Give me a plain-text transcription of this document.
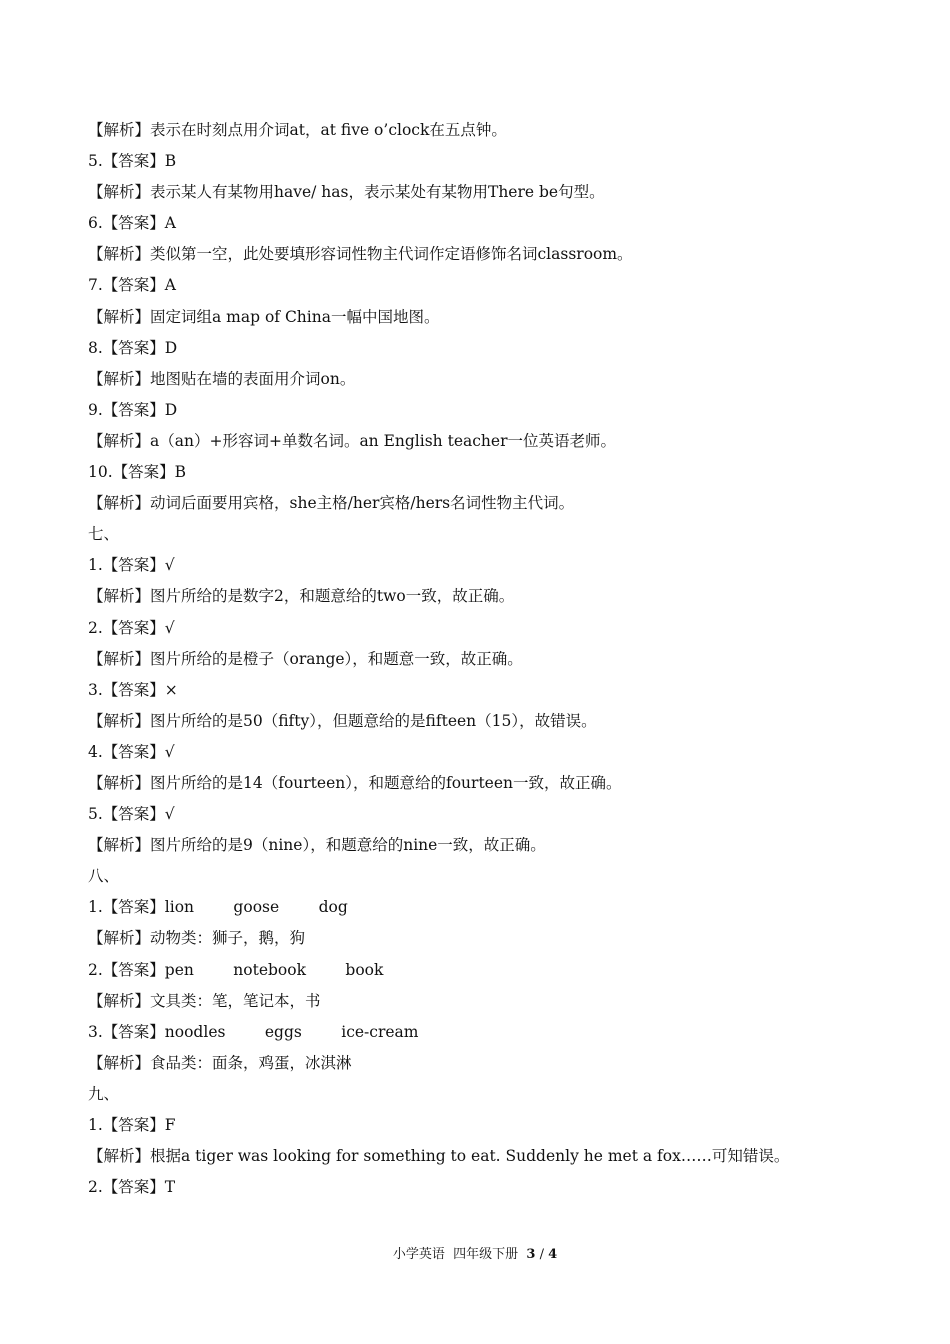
【解析】表示在时刻点用介词at，at five o’clock在五点钟。
5.【答案】B
【解析】表示某人有某物用have/ has，表示某处有某物用There be句型。
6.【答案】A
【解析】类似第一空，此处要填形容词性物主代词作定语修饰名词classroom。
7.【答案】A
【解析】固定词组a map of China一幅中国地图。
8.【答案】D
【解析】地图贴在墙的表面用介词on。
9.【答案】D
【解析】a（an）+形容词+单数名词。an English teacher一位英语老师。
10.【答案】B
【解析】动词后面要用宾格，she主格/her宾格/hers名词性物主代词。
七、
1.【答案】√
【解析】图片所给的是数字2，和题意给的two一致，故正确。
2.【答案】√
【解析】图片所给的是橙子（orange），和题意一致，故正确。
3.【答案】×
【解析】图片所给的是50（fifty），但题意给的是fifteen（15），故错误。
4.【答案】√
【解析】图片所给的是14（fourteen），和题意给的fourteen一致，故正确。
5.【答案】√
【解析】图片所给的是9（nine），和题意给的nine一致，故正确。
八、
1.【答案】lion        goose        dog
【解析】动物类：狮子，鹅，狗
2.【答案】pen        notebook        book
【解析】文具类：笔，笔记本，书
3.【答案】noodles        eggs        ice-cream
【解析】食品类：面条，鸡蛋，冰淇淋
九、
1.【答案】F
【解析】根据a tiger was looking for something to eat. Suddenly he met a fox……可知错误。
2.【答案】T
小学英语  四年级下册  3 / 4
